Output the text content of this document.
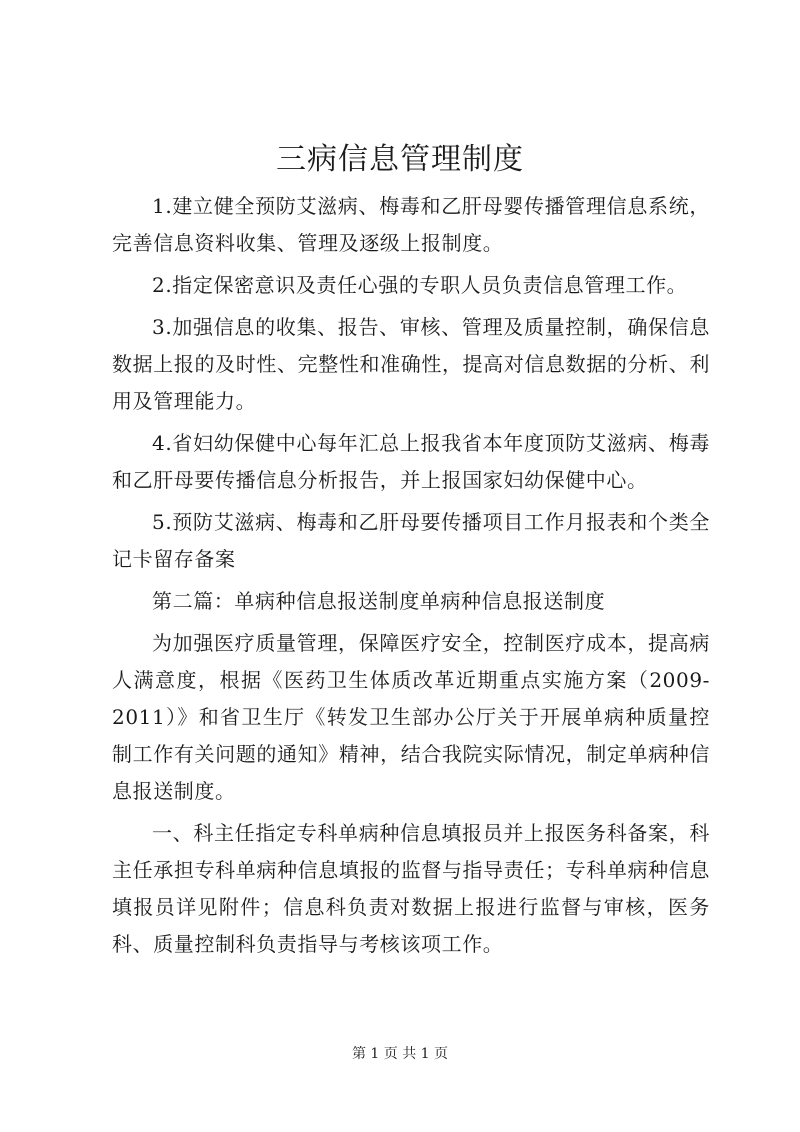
三病信息管理制度

1.建立健全预防艾滋病、梅毒和乙肝母婴传播管理信息系统，完善信息资料收集、管理及逐级上报制度。

2.指定保密意识及责任心强的专职人员负责信息管理工作。

3.加强信息的收集、报告、审核、管理及质量控制，确保信息数据上报的及时性、完整性和准确性，提高对信息数据的分析、利用及管理能力。

4.省妇幼保健中心每年汇总上报我省本年度顶防艾滋病、梅毒和乙肝母要传播信息分析报告，并上报国家妇幼保健中心。

5.预防艾滋病、梅毒和乙肝母要传播项目工作月报表和个类全记卡留存备案

第二篇：单病种信息报送制度单病种信息报送制度

为加强医疗质量管理，保障医疗安全，控制医疗成本，提高病人满意度，根据《医药卫生体质改革近期重点实施方案（2009-2011）》和省卫生厅《转发卫生部办公厅关于开展单病种质量控制工作有关问题的通知》精神，结合我院实际情况，制定单病种信息报送制度。

一、科主任指定专科单病种信息填报员并上报医务科备案，科主任承担专科单病种信息填报的监督与指导责任；专科单病种信息填报员详见附件；信息科负责对数据上报进行监督与审核，医务科、质量控制科负责指导与考核该项工作。

第 1 页 共 1 页
